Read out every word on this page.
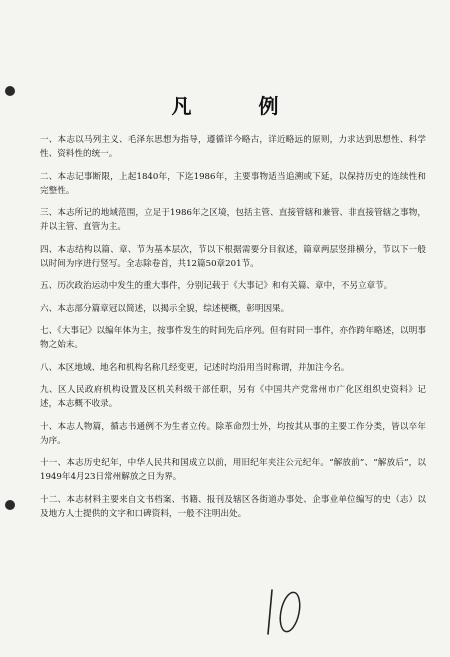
凡 例

一、本志以马列主义、毛泽东思想为指导，遵循详今略古，详近略远的原则，力求达到思想性、科学性、资料性的统一。

二、本志记事断限，上起1840年，下迄1986年，主要事物适当追溯或下延，以保持历史的连续性和完整性。

三、本志所记的地域范围，立足于1986年之区境，包括主管、直接管辖和兼管、非直接管辖之事物，并以主管、直管为主。

四、本志结构以篇、章、节为基本层次，节以下根据需要分目叙述，篇章两层竖排横分，节以下一般以时间为序进行竖写。全志除卷首，共12篇50章201节。

五、历次政治运动中发生的重大事件，分别记载于《大事记》和有关篇、章中，不另立章节。

六、本志部分篇章冠以简述，以揭示全貌，综述梗概，彰明因果。

七、《大事记》以编年体为主，按事件发生的时间先后序列。但有时同一事件，亦作跨年略述，以明事物之始末。

八、本区地域、地名和机构名称几经变更，记述时均沿用当时称谓，并加注今名。

九、区人民政府机构设置及区机关科级干部任职，另有《中国共产党常州市广化区组织史资料》记述，本志概不收录。

十、本志人物篇，循志书通例不为生者立传。除革命烈士外，均按其从事的主要工作分类，皆以卒年为序。

十一、本志历史纪年，中华人民共和国成立以前，用旧纪年夹注公元纪年。“解放前”、“解放后”，以1949年4月23日常州解放之日为界。

十二、本志材料主要来自文书档案、书籍、报刊及辖区各街道办事处、企事业单位编写的史（志）以及地方人士提供的文字和口碑资料，一般不注明出处。

10
